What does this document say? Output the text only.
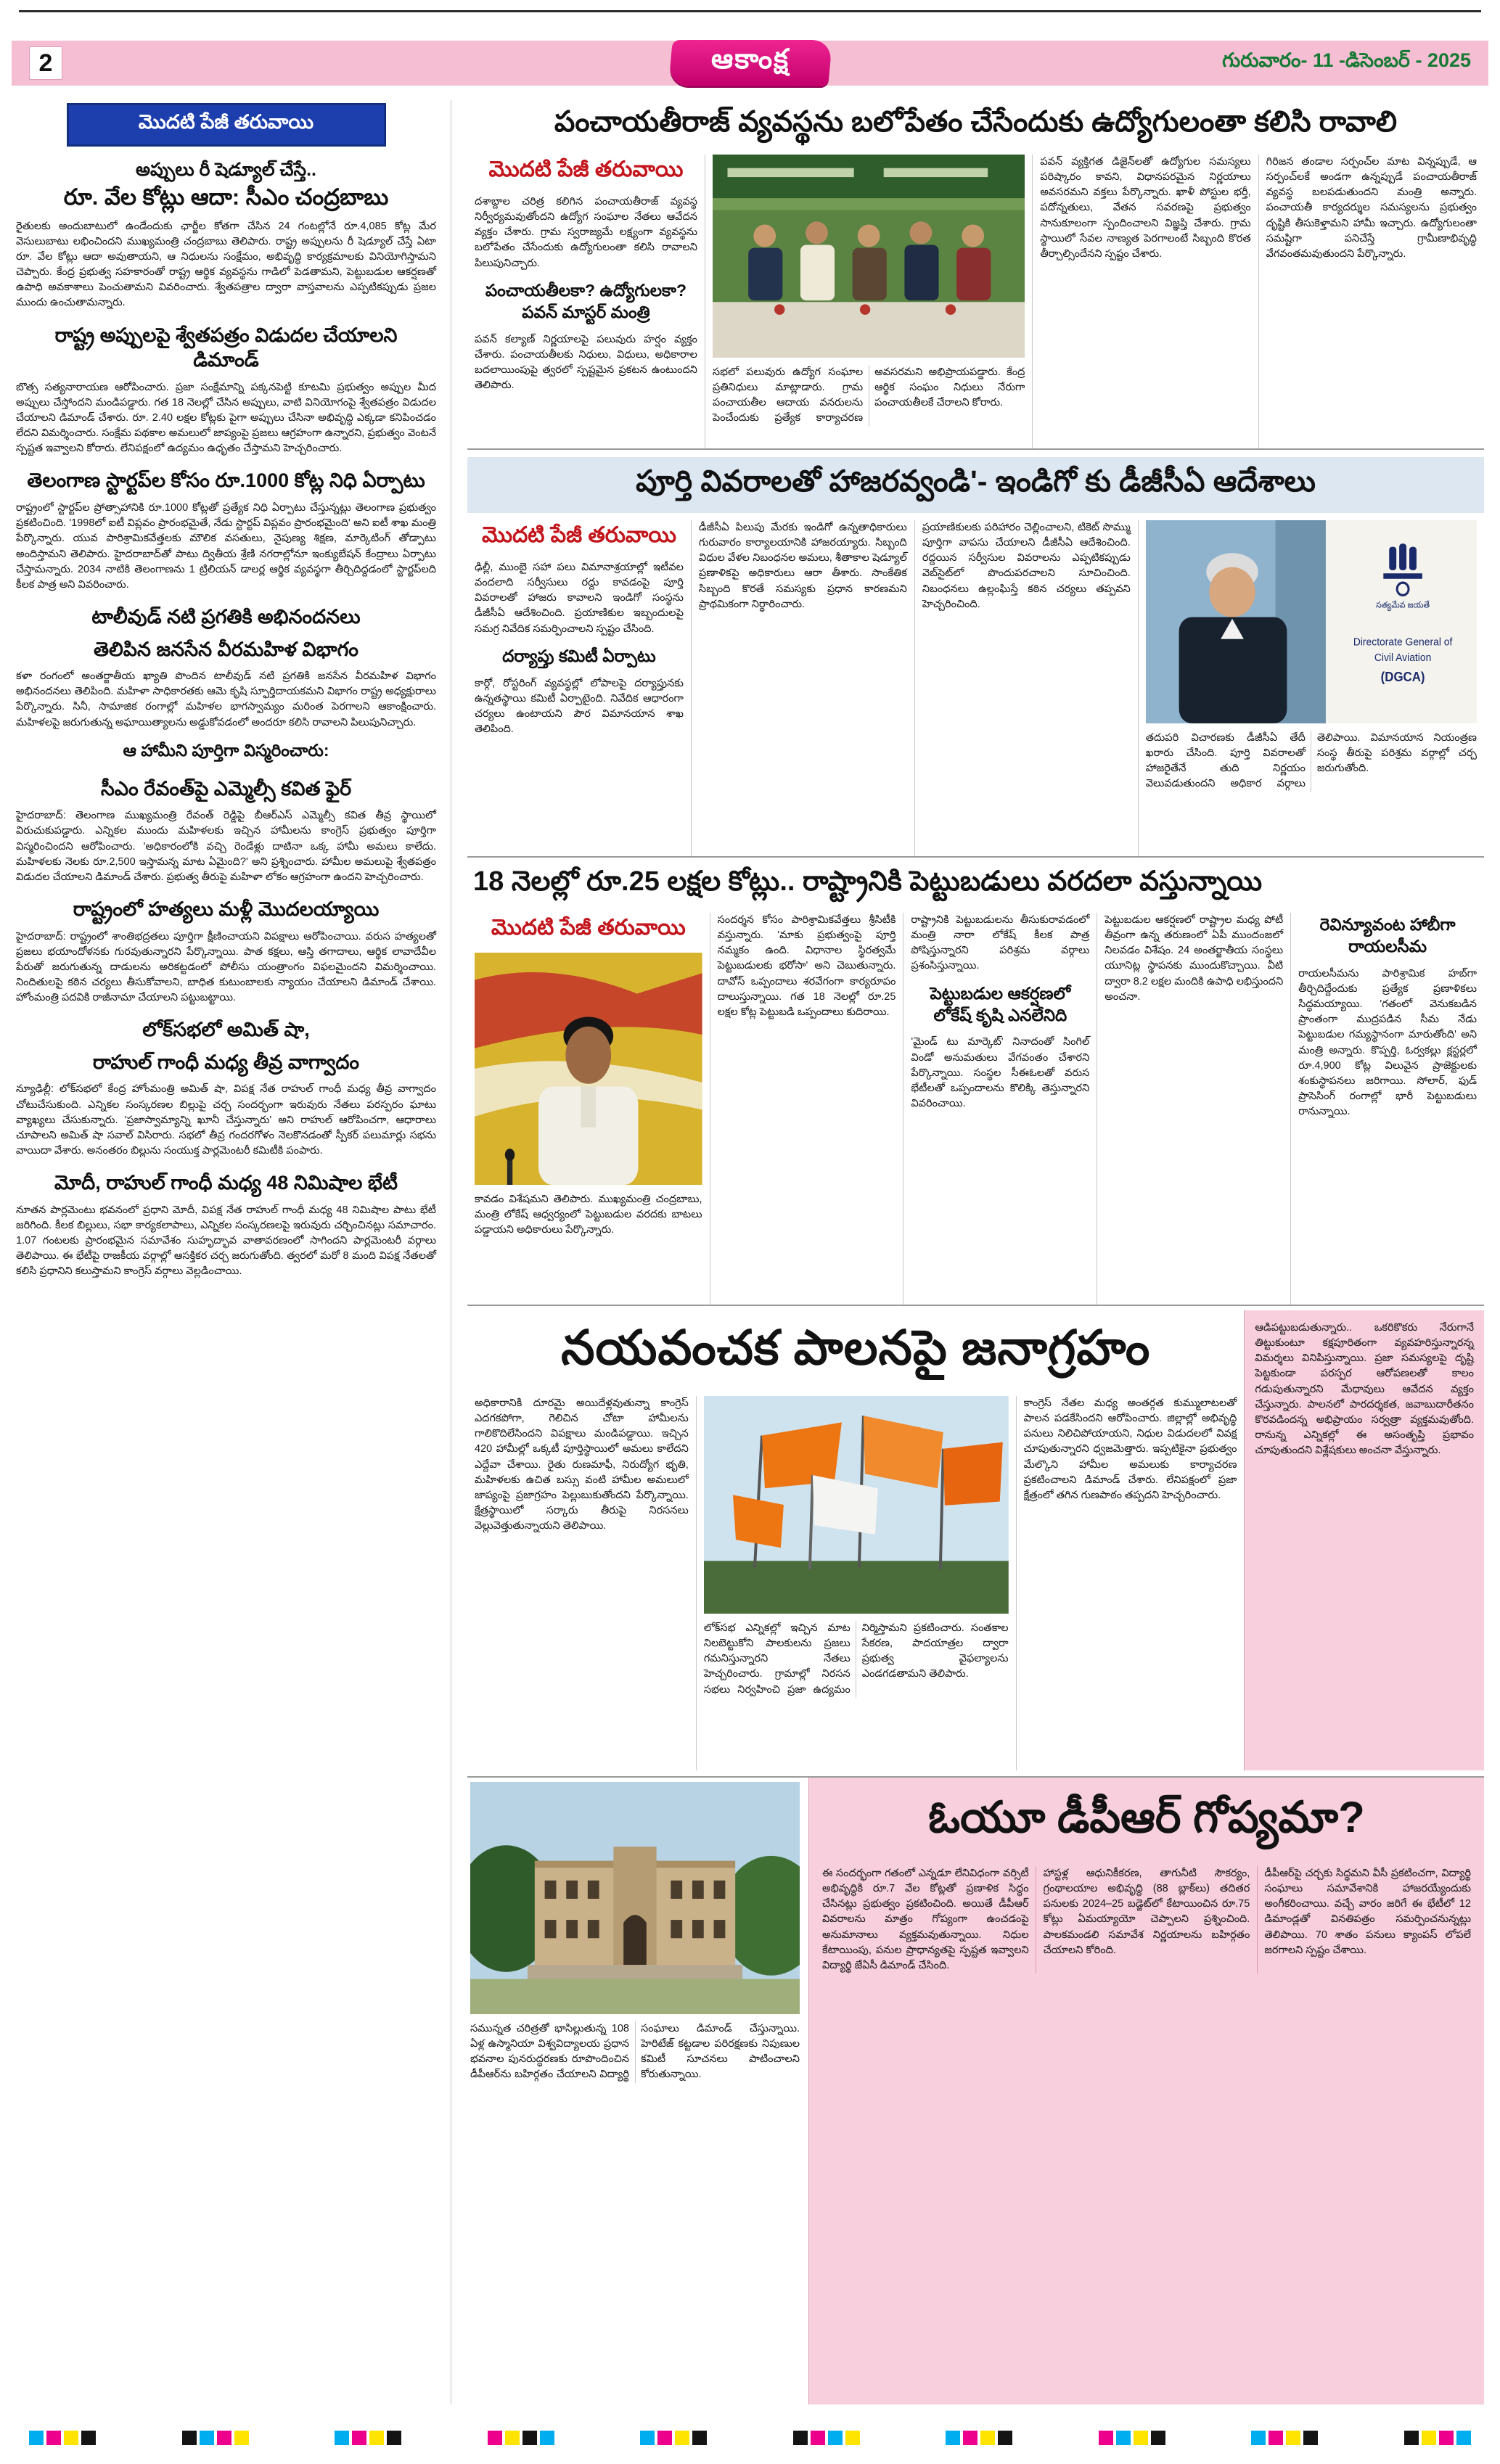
2	ఆకాంక్ష	గురువారం- 11 -డిసెంబర్ - 2025
మొదటి పేజీ తరువాయి
అప్పులు రీ షెడ్యూల్ చేస్తే..
రూ. వేల కోట్లు ఆదా: సీఎం చంద్రబాబు

రైతులకు అందుబాటులో ఉండేందుకు ఛార్జీల కోతగా చేసిన 24 గంటల్లోనే రూ.4,085 కోట్ల మేర వెసులుబాటు లభించిందని ముఖ్యమంత్రి చంద్రబాబు తెలిపారు. రాష్ట్ర అప్పులను రీ షెడ్యూల్ చేస్తే ఏటా రూ. వేల కోట్లు ఆదా అవుతాయని, ఆ నిధులను సంక్షేమం, అభివృద్ధి కార్యక్రమాలకు వినియోగిస్తామని చెప్పారు. కేంద్ర ప్రభుత్వ సహకారంతో రాష్ట్ర ఆర్థిక వ్యవస్థను గాడిలో పెడతామని, పెట్టుబడుల ఆకర్షణతో ఉపాధి అవకాశాలు పెంచుతామని వివరించారు. శ్వేతపత్రాల ద్వారా వాస్తవాలను ఎప్పటికప్పుడు ప్రజల ముందు ఉంచుతామన్నారు.

రాష్ట్ర అప్పులపై శ్వేతపత్రం విడుదల చేయాలని డిమాండ్

బొత్స సత్యనారాయణ ఆరోపించారు. ప్రజా సంక్షేమాన్ని పక్కనపెట్టి కూటమి ప్రభుత్వం అప్పుల మీద అప్పులు చేస్తోందని మండిపడ్డారు. గత 18 నెలల్లో చేసిన అప్పులు, వాటి వినియోగంపై శ్వేతపత్రం విడుదల చేయాలని డిమాండ్ చేశారు. రూ. 2.40 లక్షల కోట్లకు పైగా అప్పులు చేసినా అభివృద్ధి ఎక్కడా కనిపించడం లేదని విమర్శించారు. సంక్షేమ పథకాల అమలులో జాప్యంపై ప్రజలు ఆగ్రహంగా ఉన్నారని, ప్రభుత్వం వెంటనే స్పష్టత ఇవ్వాలని కోరారు. లేనిపక్షంలో ఉద్యమం ఉధృతం చేస్తామని హెచ్చరించారు.

తెలంగాణ స్టార్టప్‌ల కోసం రూ.1000 కోట్ల నిధి ఏర్పాటు

రాష్ట్రంలో స్టార్టప్‌ల ప్రోత్సాహానికి రూ.1000 కోట్లతో ప్రత్యేక నిధి ఏర్పాటు చేస్తున్నట్లు తెలంగాణ ప్రభుత్వం ప్రకటించింది. '1998లో ఐటీ విప్లవం ప్రారంభమైతే, నేడు స్టార్టప్ విప్లవం ప్రారంభమైంది' అని ఐటీ శాఖ మంత్రి పేర్కొన్నారు. యువ పారిశ్రామికవేత్తలకు మౌలిక వసతులు, నైపుణ్య శిక్షణ, మార్కెటింగ్ తోడ్పాటు అందిస్తామని తెలిపారు. హైదరాబాద్‌తో పాటు ద్వితీయ శ్రేణి నగరాల్లోనూ ఇంక్యుబేషన్ కేంద్రాలు ఏర్పాటు చేస్తామన్నారు. 2034 నాటికి తెలంగాణను 1 ట్రిలియన్ డాలర్ల ఆర్థిక వ్యవస్థగా తీర్చిదిద్దడంలో స్టార్టప్‌లది కీలక పాత్ర అని వివరించారు.

టాలీవుడ్ నటి ప్రగతికి అభినందనలు
తెలిపిన జనసేన వీరమహిళ విభాగం

కళా రంగంలో అంతర్జాతీయ ఖ్యాతి పొందిన టాలీవుడ్ నటి ప్రగతికి జనసేన వీరమహిళ విభాగం అభినందనలు తెలిపింది. మహిళా సాధికారతకు ఆమె కృషి స్ఫూర్తిదాయకమని విభాగం రాష్ట్ర అధ్యక్షురాలు పేర్కొన్నారు. సినీ, సామాజిక రంగాల్లో మహిళల భాగస్వామ్యం మరింత పెరగాలని ఆకాంక్షించారు. మహిళలపై జరుగుతున్న అఘాయిత్యాలను అడ్డుకోవడంలో అందరూ కలిసి రావాలని పిలుపునిచ్చారు.

ఆ హామీని పూర్తిగా విస్మరించారు:
సీఎం రేవంత్‌పై ఎమ్మెల్సీ కవిత ఫైర్

హైదరాబాద్: తెలంగాణ ముఖ్యమంత్రి రేవంత్ రెడ్డిపై బీఆర్ఎస్ ఎమ్మెల్సీ కవిత తీవ్ర స్థాయిలో విరుచుకుపడ్డారు. ఎన్నికల ముందు మహిళలకు ఇచ్చిన హామీలను కాంగ్రెస్ ప్రభుత్వం పూర్తిగా విస్మరించిందని ఆరోపించారు. 'అధికారంలోకి వచ్చి రెండేళ్లు దాటినా ఒక్క హామీ అమలు కాలేదు. మహిళలకు నెలకు రూ.2,500 ఇస్తామన్న మాట ఏమైంది?' అని ప్రశ్నించారు. హామీల అమలుపై శ్వేతపత్రం విడుదల చేయాలని డిమాండ్ చేశారు. ప్రభుత్వ తీరుపై మహిళా లోకం ఆగ్రహంగా ఉందని హెచ్చరించారు.

రాష్ట్రంలో హత్యలు మళ్లీ మొదలయ్యాయి

హైదరాబాద్: రాష్ట్రంలో శాంతిభద్రతలు పూర్తిగా క్షీణించాయని విపక్షాలు ఆరోపించాయి. వరుస హత్యలతో ప్రజలు భయాందోళనకు గురవుతున్నారని పేర్కొన్నాయి. పాత కక్షలు, ఆస్తి తగాదాలు, ఆర్థిక లావాదేవీల పేరుతో జరుగుతున్న దాడులను అరికట్టడంలో పోలీసు యంత్రాంగం విఫలమైందని విమర్శించాయి. నిందితులపై కఠిన చర్యలు తీసుకోవాలని, బాధిత కుటుంబాలకు న్యాయం చేయాలని డిమాండ్ చేశాయి. హోంమంత్రి పదవికి రాజీనామా చేయాలని పట్టుబట్టాయి.

లోక్‌సభలో అమిత్ షా,
రాహుల్ గాంధీ మధ్య తీవ్ర వాగ్వాదం

న్యూఢిల్లీ: లోక్‌సభలో కేంద్ర హోంమంత్రి అమిత్ షా, విపక్ష నేత రాహుల్ గాంధీ మధ్య తీవ్ర వాగ్వాదం చోటుచేసుకుంది. ఎన్నికల సంస్కరణల బిల్లుపై చర్చ సందర్భంగా ఇరువురు నేతలు పరస్పరం ఘాటు వ్యాఖ్యలు చేసుకున్నారు. 'ప్రజాస్వామ్యాన్ని ఖూనీ చేస్తున్నారు' అని రాహుల్ ఆరోపించగా, ఆధారాలు చూపాలని అమిత్ షా సవాల్ విసిరారు. సభలో తీవ్ర గందరగోళం నెలకొనడంతో స్పీకర్ పలుమార్లు సభను వాయిదా వేశారు. అనంతరం బిల్లును సంయుక్త పార్లమెంటరీ కమిటీకి పంపారు.

మోదీ, రాహుల్ గాంధీ మధ్య 48 నిమిషాల భేటీ

నూతన పార్లమెంటు భవనంలో ప్రధాని మోదీ, విపక్ష నేత రాహుల్ గాంధీ మధ్య 48 నిమిషాల పాటు భేటీ జరిగింది. కీలక బిల్లులు, సభా కార్యకలాపాలు, ఎన్నికల సంస్కరణలపై ఇరువురు చర్చించినట్లు సమాచారం. 1.07 గంటలకు ప్రారంభమైన సమావేశం సుహృద్భావ వాతావరణంలో సాగిందని పార్లమెంటరీ వర్గాలు తెలిపాయి. ఈ భేటీపై రాజకీయ వర్గాల్లో ఆసక్తికర చర్చ జరుగుతోంది. త్వరలో మరో 8 మంది విపక్ష నేతలతో కలిసి ప్రధానిని కలుస్తామని కాంగ్రెస్ వర్గాలు వెల్లడించాయి.

పంచాయతీరాజ్ వ్యవస్థను బలోపేతం చేసేందుకు ఉద్యోగులంతా కలిసి రావాలి
మొదటి పేజీ తరువాయి

దశాబ్దాల చరిత్ర కలిగిన పంచాయతీరాజ్ వ్యవస్థ నిర్వీర్యమవుతోందని ఉద్యోగ సంఘాల నేతలు ఆవేదన వ్యక్తం చేశారు. గ్రామ స్వరాజ్యమే లక్ష్యంగా వ్యవస్థను బలోపేతం చేసేందుకు ఉద్యోగులంతా కలిసి రావాలని పిలుపునిచ్చారు.

పంచాయతీలకా? ఉద్యోగులకా? పవన్ మాస్టర్ మంత్రి

పవన్ కల్యాణ్ నిర్ణయాలపై పలువురు హర్షం వ్యక్తం చేశారు. పంచాయతీలకు నిధులు, విధులు, అధికారాల బదలాయింపుపై త్వరలో స్పష్టమైన ప్రకటన ఉంటుందని తెలిపారు.

సభలో పలువురు ఉద్యోగ సంఘాల ప్రతినిధులు మాట్లాడారు. గ్రామ పంచాయతీల ఆదాయ వనరులను పెంచేందుకు ప్రత్యేక కార్యాచరణ అవసరమని అభిప్రాయపడ్డారు. కేంద్ర ఆర్థిక సంఘం నిధులు నేరుగా పంచాయతీలకే చేరాలని కోరారు.

పవన్ వ్యక్తిగత డిజైన్‌లతో ఉద్యోగుల సమస్యలు పరిష్కారం కావని, విధానపరమైన నిర్ణయాలు అవసరమని వక్తలు పేర్కొన్నారు. ఖాళీ పోస్టుల భర్తీ, పదోన్నతులు, వేతన సవరణపై ప్రభుత్వం సానుకూలంగా స్పందించాలని విజ్ఞప్తి చేశారు. గ్రామ స్థాయిలో సేవల నాణ్యత పెరగాలంటే సిబ్బంది కొరత తీర్చాల్సిందేనని స్పష్టం చేశారు.

గిరిజన తండాల సర్పంచ్‌ల మాట విన్నప్పుడే, ఆ సర్పంచ్‌లకే అండగా ఉన్నప్పుడే పంచాయతీరాజ్ వ్యవస్థ బలపడుతుందని మంత్రి అన్నారు. పంచాయతీ కార్యదర్శుల సమస్యలను ప్రభుత్వం దృష్టికి తీసుకెళ్తామని హామీ ఇచ్చారు. ఉద్యోగులంతా సమష్టిగా పనిచేస్తే గ్రామీణాభివృద్ధి వేగవంతమవుతుందని పేర్కొన్నారు.

పూర్తి వివరాలతో హాజరవ్వండి'- ఇండిగో కు డీజీసీఏ ఆదేశాలు
మొదటి పేజీ తరువాయి

ఢిల్లీ, ముంబై సహా పలు విమానాశ్రయాల్లో ఇటీవల వందలాది సర్వీసులు రద్దు కావడంపై పూర్తి వివరాలతో హాజరు కావాలని ఇండిగో సంస్థను డీజీసీఏ ఆదేశించింది. ప్రయాణికుల ఇబ్బందులపై సమగ్ర నివేదిక సమర్పించాలని స్పష్టం చేసింది.

దర్యాప్తు కమిటీ ఏర్పాటు

కార్గో, రోస్టరింగ్ వ్యవస్థల్లో లోపాలపై దర్యాప్తునకు ఉన్నతస్థాయి కమిటీ ఏర్పాటైంది. నివేదిక ఆధారంగా చర్యలు ఉంటాయని పౌర విమానయాన శాఖ తెలిపింది.

డీజీసీఏ పిలుపు మేరకు ఇండిగో ఉన్నతాధికారులు గురువారం కార్యాలయానికి హాజరయ్యారు. సిబ్బంది విధుల వేళల నిబంధనల అమలు, శీతాకాల షెడ్యూల్ ప్రణాళికపై అధికారులు ఆరా తీశారు. సాంకేతిక సిబ్బంది కొరతే సమస్యకు ప్రధాన కారణమని ప్రాథమికంగా నిర్ధారించారు.

ప్రయాణికులకు పరిహారం చెల్లించాలని, టికెట్ సొమ్ము పూర్తిగా వాపసు చేయాలని డీజీసీఏ ఆదేశించింది. రద్దయిన సర్వీసుల వివరాలను ఎప్పటికప్పుడు వెబ్‌సైట్‌లో పొందుపరచాలని సూచించింది. నిబంధనలు ఉల్లంఘిస్తే కఠిన చర్యలు తప్పవని హెచ్చరించింది.	సత్యమేవ జయతే
Directorate General of
Civil Aviation
(DGCA)

తదుపరి విచారణకు డీజీసీఏ తేదీ ఖరారు చేసింది. పూర్తి వివరాలతో హాజరైతేనే తుది నిర్ణయం వెలువడుతుందని అధికార వర్గాలు తెలిపాయి. విమానయాన నియంత్రణ సంస్థ తీరుపై పరిశ్రమ వర్గాల్లో చర్చ జరుగుతోంది.

18 నెలల్లో రూ.25 లక్షల కోట్లు.. రాష్ట్రానికి పెట్టుబడులు వరదలా వస్తున్నాయి
మొదటి పేజీ తరువాయి

కావడం విశేషమని తెలిపారు. ముఖ్యమంత్రి చంద్రబాబు, మంత్రి లోకేష్ ఆధ్వర్యంలో పెట్టుబడుల వరదకు బాటలు పడ్డాయని అధికారులు పేర్కొన్నారు.

సందర్శన కోసం పారిశ్రామికవేత్తలు శ్రీసిటీకి వస్తున్నారు. 'మాకు ప్రభుత్వంపై పూర్తి నమ్మకం ఉంది. విధానాల స్థిరత్వమే పెట్టుబడులకు భరోసా' అని చెబుతున్నారు. దావోస్ ఒప్పందాలు శరవేగంగా కార్యరూపం దాలుస్తున్నాయి. గత 18 నెలల్లో రూ.25 లక్షల కోట్ల పెట్టుబడి ఒప్పందాలు కుదిరాయి.

రాష్ట్రానికి పెట్టుబడులను తీసుకురావడంలో మంత్రి నారా లోకేష్ కీలక పాత్ర పోషిస్తున్నారని పరిశ్రమ వర్గాలు ప్రశంసిస్తున్నాయి.

పెట్టుబడుల ఆకర్షణలో లోకేష్ కృషి ఎనలేనిది

'మైండ్ టు మార్కెట్' నినాదంతో సింగిల్ విండో అనుమతులు వేగవంతం చేశారని పేర్కొన్నాయి. సంస్థల సీఈఓలతో వరుస భేటీలతో ఒప్పందాలను కొలిక్కి తెస్తున్నారని వివరించాయి.

పెట్టుబడుల ఆకర్షణలో రాష్ట్రాల మధ్య పోటీ తీవ్రంగా ఉన్న తరుణంలో ఏపీ ముందంజలో నిలవడం విశేషం. 24 అంతర్జాతీయ సంస్థలు యూనిట్ల స్థాపనకు ముందుకొచ్చాయి. వీటి ద్వారా 8.2 లక్షల మందికి ఉపాధి లభిస్తుందని అంచనా.

రెవిన్యూవంట హాబీగా రాయలసీమ

రాయలసీమను పారిశ్రామిక హబ్‌గా తీర్చిదిద్దేందుకు ప్రత్యేక ప్రణాళికలు సిద్ధమయ్యాయి. 'గతంలో వెనుకబడిన ప్రాంతంగా ముద్రపడిన సీమ నేడు పెట్టుబడుల గమ్యస్థానంగా మారుతోంది' అని మంత్రి అన్నారు. కొప్పర్తి, ఓర్వకల్లు క్లస్టర్లలో రూ.4,900 కోట్ల విలువైన ప్రాజెక్టులకు శంకుస్థాపనలు జరిగాయి. సోలార్, ఫుడ్ ప్రాసెసింగ్ రంగాల్లో భారీ పెట్టుబడులు రానున్నాయి.

నయవంచక పాలనపై జనాగ్రహం

అధికారానికి దూరమై అయిదేళ్లవుతున్నా కాంగ్రెస్ ఎదగకపోగా, గెలిచిన చోటా హామీలను గాలికొదిలేసిందని విపక్షాలు మండిపడ్డాయి. ఇచ్చిన 420 హామీల్లో ఒక్కటీ పూర్తిస్థాయిలో అమలు కాలేదని ఎద్దేవా చేశాయి. రైతు రుణమాఫీ, నిరుద్యోగ భృతి, మహిళలకు ఉచిత బస్సు వంటి హామీల అమలులో జాప్యంపై ప్రజాగ్రహం పెల్లుబుకుతోందని పేర్కొన్నాయి. క్షేత్రస్థాయిలో సర్కారు తీరుపై నిరసనలు వెల్లువెత్తుతున్నాయని తెలిపాయి.

లోక్‌సభ ఎన్నికల్లో ఇచ్చిన మాట నిలబెట్టుకోని పాలకులను ప్రజలు గమనిస్తున్నారని నేతలు హెచ్చరించారు. గ్రామాల్లో నిరసన సభలు నిర్వహించి ప్రజా ఉద్యమం నిర్మిస్తామని ప్రకటించారు. సంతకాల సేకరణ, పాదయాత్రల ద్వారా ప్రభుత్వ వైఫల్యాలను ఎండగడతామని తెలిపారు.

కాంగ్రెస్ నేతల మధ్య అంతర్గత కుమ్ములాటలతో పాలన పడకేసిందని ఆరోపించారు. జిల్లాల్లో అభివృద్ధి పనులు నిలిచిపోయాయని, నిధుల విడుదలలో వివక్ష చూపుతున్నారని ధ్వజమెత్తారు. ఇప్పటికైనా ప్రభుత్వం మేల్కొని హామీల అమలుకు కార్యాచరణ ప్రకటించాలని డిమాండ్ చేశారు. లేనిపక్షంలో ప్రజా క్షేత్రంలో తగిన గుణపాఠం తప్పదని హెచ్చరించారు.

ఆడిపట్టుబడుతున్నారు.. ఒకరికొకరు నేరుగానే తిట్టుకుంటూ కక్షపూరితంగా వ్యవహరిస్తున్నారన్న విమర్శలు వినిపిస్తున్నాయి. ప్రజా సమస్యలపై దృష్టి పెట్టకుండా పరస్పర ఆరోపణలతో కాలం గడుపుతున్నారని మేధావులు ఆవేదన వ్యక్తం చేస్తున్నారు. పాలనలో పారదర్శకత, జవాబుదారీతనం కొరవడిందన్న అభిప్రాయం సర్వత్రా వ్యక్తమవుతోంది. రానున్న ఎన్నికల్లో ఈ అసంతృప్తి ప్రభావం చూపుతుందని విశ్లేషకులు అంచనా వేస్తున్నారు.

సమున్నత చరిత్రతో భాసిల్లుతున్న 108 ఏళ్ల ఉస్మానియా విశ్వవిద్యాలయ ప్రధాన భవనాల పునరుద్ధరణకు రూపొందించిన డీపీఆర్‌ను బహిర్గతం చేయాలని విద్యార్థి సంఘాలు డిమాండ్ చేస్తున్నాయి. హెరిటేజ్ కట్టడాల పరిరక్షణకు నిపుణుల కమిటీ సూచనలు పాటించాలని కోరుతున్నాయి.

ఓయూ డీపీఆర్ గోప్యమా?

ఈ సందర్భంగా గతంలో ఎన్నడూ లేనివిధంగా వర్సిటీ అభివృద్ధికి రూ.7 వేల కోట్లతో ప్రణాళిక సిద్ధం చేసినట్లు ప్రభుత్వం ప్రకటించింది. అయితే డీపీఆర్ వివరాలను మాత్రం గోప్యంగా ఉంచడంపై అనుమానాలు వ్యక్తమవుతున్నాయి. నిధుల కేటాయింపు, పనుల ప్రాధాన్యతపై స్పష్టత ఇవ్వాలని విద్యార్థి జేఏసీ డిమాండ్ చేసింది.

హాస్టళ్ల ఆధునికీకరణ, తాగునీటి సౌకర్యం, గ్రంథాలయాల అభివృద్ధి (88 బ్లాక్‌లు) తదితర పనులకు 2024–25 బడ్జెట్‌లో కేటాయించిన రూ.75 కోట్లు ఏమయ్యాయో చెప్పాలని ప్రశ్నించింది. పాలకమండలి సమావేశ నిర్ణయాలను బహిర్గతం చేయాలని కోరింది.

డీపీఆర్‌పై చర్చకు సిద్ధమని వీసీ ప్రకటించగా, విద్యార్థి సంఘాలు సమావేశానికి హాజరయ్యేందుకు అంగీకరించాయి. వచ్చే వారం జరిగే ఈ భేటీలో 12 డిమాండ్లతో వినతిపత్రం సమర్పించనున్నట్లు తెలిపాయి. 70 శాతం పనులు క్యాంపస్ లోపలే జరగాలని స్పష్టం చేశాయి.
